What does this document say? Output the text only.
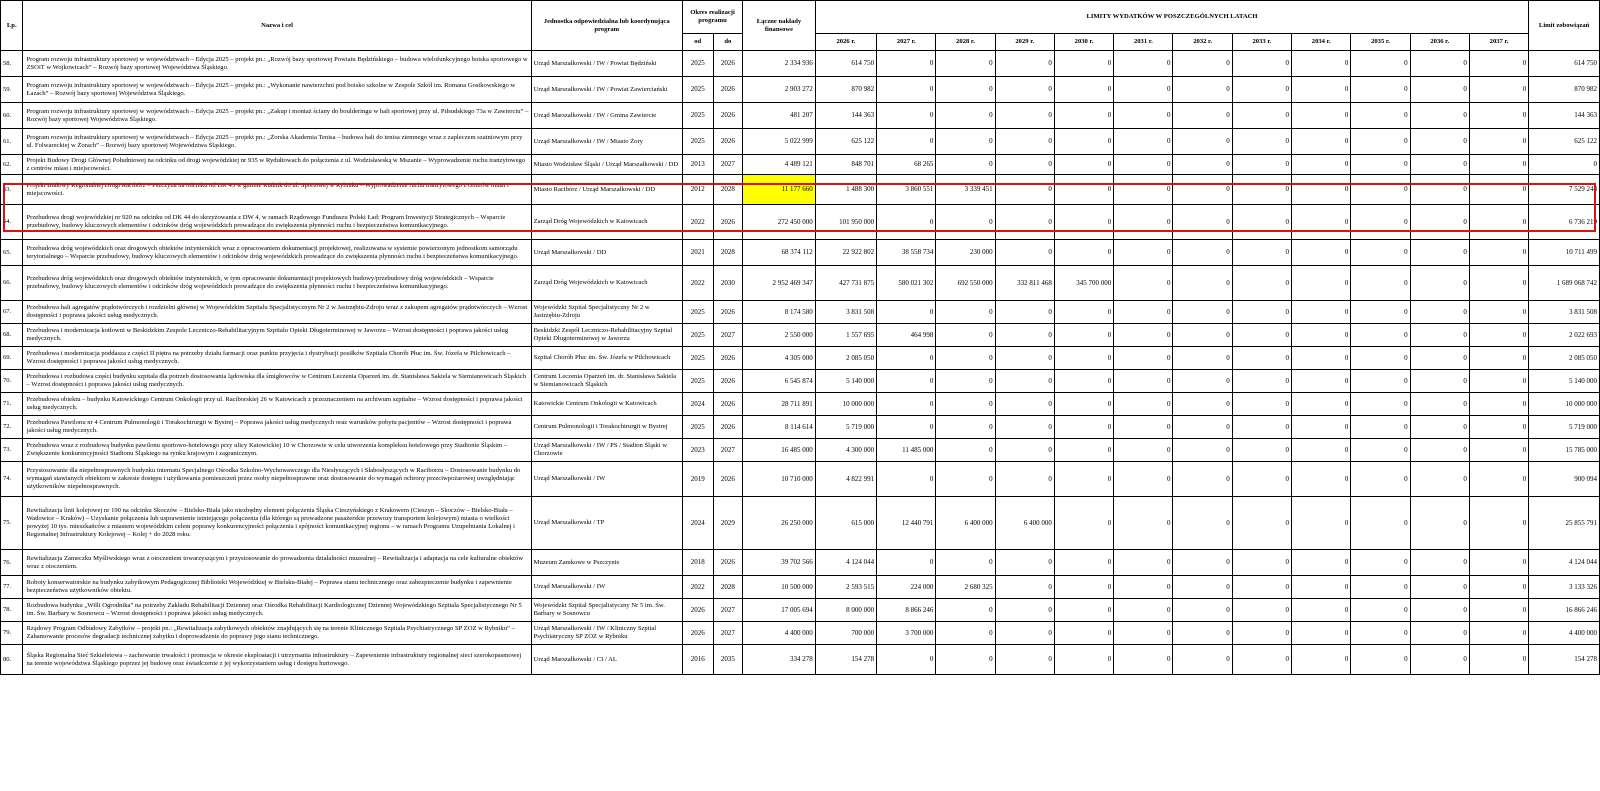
Lp.	Nazwa i cel	Jednostka odpowiedzialna lub koordynująca program	Okres realizacji programu		Łączne nakłady finansowe	LIMITY WYDATKÓW W POSZCZEGÓLNYCH LATACH												Limit zobowiązań
			od	do		2026 r.	2027 r.	2028 r.	2029 r.	2030 r.	2031 r.	2032 r.	2033 r.	2034 r.	2035 r.	2036 r.	2037 r.	
58.	Program rozwoju infrastruktury sportowej w województwach – Edycja 2025 – projekt pn.: „Rozwój bazy sportowej Powiatu Będzińskiego – budowa wielofunkcyjnego boiska sportowego w ZSOiT w Wojkowicach” – Rozwój bazy sportowej Województwa Śląskiego.	Urząd Marszałkowski / IW / Powiat Będziński	2025	2026	2 334 936	614 750	0	0	0	0	0	0	0	0	0	0	0	614 750
59.	Program rozwoju infrastruktury sportowej w województwach – Edycja 2025 – projekt pn.: „Wykonanie nawierzchni pod boisko szkolne w Zespole Szkół im. Romana Gostkowskiego w Łazach” – Rozwój bazy sportowej Województwa Śląskiego.	Urząd Marszałkowski / IW / Powiat Zawierciański	2025	2026	2 903 272	870 982	0	0	0	0	0	0	0	0	0	0	0	870 982
60.	Program rozwoju infrastruktury sportowej w województwach – Edycja 2025 – projekt pn.: „Zakup i montaż ściany do boulderingu w hali sportowej przy ul. Piłsudskiego 73a w Zawierciu” – Rozwój bazy sportowej Województwa Śląskiego.	Urząd Marszałkowski / IW / Gmina Zawiercie	2025	2026	481 207	144 363	0	0	0	0	0	0	0	0	0	0	0	144 363
61.	Program rozwoju infrastruktury sportowej w województwach – Edycja 2025 – projekt pn.: „Żorska Akademia Tenisa – budowa hali do tenisa ziemnego wraz z zapleczem szatniowym przy ul. Folwareckiej w Żorach” – Rozwój bazy sportowej Województwa Śląskiego.	Urząd Marszałkowski / IW / Miasto Żory	2025	2026	5 022 999	625 122	0	0	0	0	0	0	0	0	0	0	0	625 122
62.	Projekt Budowy Drogi Głównej Południowej na odcinku od drogi wojewódzkiej nr 935 w Rydułtowach do połączenia z ul. Wodzisławską w Mszanie – Wyprowadzenie ruchu tranzytowego z centrów miast i miejscowości.	Miasto Wodzisław Śląski / Urząd Marszałkowski / DD	2013	2027	4 489 121	848 701	68 265	0	0	0	0	0	0	0	0	0	0	0
63.	Projekt Budowy Regionalnej Drogi Racibórz – Pszczyna na odcinku od DK 45 w gminie Rudnik do ul. Sportowej w Rybniku – Wyprowadzenie ruchu tranzytowego z centrów miast i miejscowości.	Miasto Racibórz / Urząd Marszałkowski / DD	2012	2028	11 177 660	1 488 300	3 860 551	3 339 451	0	0	0	0	0	0	0	0	0	7 529 248
64.	Przebudowa drogi wojewódzkiej nr 920 na odcinku od DK 44 do skrzyżowania z DW 4, w ramach Rządowego Funduszu Polski Ład: Program Inwestycji Strategicznych – Wsparcie przebudowy, budowy kluczowych elementów i odcinków dróg wojewódzkich prowadzące do zwiększenia płynności ruchu i bezpieczeństwa komunikacyjnego.	Zarząd Dróg Wojewódzkich w Katowicach	2022	2026	272 450 000	101 950 000	0	0	0	0	0	0	0	0	0	0	0	6 736 219
65.	Przebudowa dróg wojewódzkich oraz drogowych obiektów inżynierskich wraz z opracowaniem dokumentacji projektowej, realizowana w systemie powierzonym jednostkom samorządu terytorialnego – Wsparcie przebudowy, budowy kluczowych elementów i odcinków dróg wojewódzkich prowadzące do zwiększenia płynności ruchu i bezpieczeństwa komunikacyjnego.	Urząd Marszałkowski / DD	2021	2028	68 374 112	22 922 802	38 558 734	230 000	0	0	0	0	0	0	0	0	0	10 711 499
66.	Przebudowa dróg wojewódzkich oraz drogowych obiektów inżynierskich, w tym opracowanie dokumentacji projektowych budowy/przebudowy dróg wojewódzkich – Wsparcie przebudowy, budowy kluczowych elementów i odcinków dróg wojewódzkich prowadzące do zwiększenia płynności ruchu i bezpieczeństwa komunikacyjnego.	Zarząd Dróg Wojewódzkich w Katowicach	2022	2030	2 952 469 347	427 731 875	580 021 302	692 550 000	332 811 468	345 700 000	0	0	0	0	0	0	0	1 689 068 742
67.	Przebudowa hali agregatów prądotwórczych i rozdzielni głównej w Wojewódzkim Szpitalu Specjalistycznym Nr 2 w Jastrzębiu-Zdroju wraz z zakupem agregatów prądotwórczych – Wzrost dostępności i poprawa jakości usług medycznych.	Wojewódzki Szpital Specjalistyczny Nr 2 w Jastrzębiu-Zdroju	2025	2026	8 174 580	3 831 508	0	0	0	0	0	0	0	0	0	0	0	3 831 508
68.	Przebudowa i modernizacja kotłowni w Beskidzkim Zespole Leczniczo-Rehabilitacyjnym Szpitalu Opieki Długoterminowej w Jaworzu – Wzrost dostępności i poprawa jakości usług medycznych.	Beskidzki Zespół Leczniczo-Rehabilitacyjny Szpital Opieki Długoterminowej w Jaworzu	2025	2027	2 550 000	1 557 695	464 998	0	0	0	0	0	0	0	0	0	0	2 022 693
69.	Przebudowa i modernizacja poddasza z części II piętra na potrzeby działu farmacji oraz punktu przyjęcia i dystrybucji posiłków Szpitala Chorób Płuc im. Św. Józefa w Pilchowicach – Wzrost dostępności i poprawa jakości usług medycznych.	Szpital Chorób Płuc im. Św. Józefa w Pilchowicach	2025	2026	4 305 000	2 085 050	0	0	0	0	0	0	0	0	0	0	0	2 085 050
70.	Przebudowa i rozbudowa części budynku szpitala dla potrzeb dostosowania lądowiska dla śmigłowców w Centrum Leczenia Oparzeń im. dr. Stanisława Sakiela w Siemianowicach Śląskich – Wzrost dostępności i poprawa jakości usług medycznych.	Centrum Leczenia Oparzeń im. dr. Stanisława Sakiela w Siemianowicach Śląskich	2025	2026	6 545 874	5 140 000	0	0	0	0	0	0	0	0	0	0	0	5 140 000
71.	Przebudowa obiektu – budynku Katowickiego Centrum Onkologii przy ul. Raciborskiej 26 w Katowicach z przeznaczeniem na archiwum szpitalne – Wzrost dostępności i poprawa jakości usług medycznych.	Katowickie Centrum Onkologii w Katowicach	2024	2026	28 711 891	10 000 000	0	0	0	0	0	0	0	0	0	0	0	10 000 000
72.	Przebudowa Pawilonu nr 4 Centrum Pulmonologii i Torakochirurgii w Bystrej – Poprawa jakości usług medycznych oraz warunków pobytu pacjentów – Wzrost dostępności i poprawa jakości usług medycznych.	Centrum Pulmonologii i Torakochirurgii w Bystrej	2025	2026	8 114 614	5 719 000	0	0	0	0	0	0	0	0	0	0	0	5 719 000
73.	Przebudowa wraz z rozbudową budynku pawilonu sportowo-hotelowego przy ulicy Katowickiej 10 w Chorzowie w celu utworzenia kompleksu hotelowego przy Stadionie Śląskim – Zwiększenie konkurencyjności Stadionu Śląskiego na rynku krajowym i zagranicznym.	Urząd Marszałkowski / IW / PS / Stadion Śląski w Chorzowie	2023	2027	16 485 000	4 300 000	11 485 000	0	0	0	0	0	0	0	0	0	0	15 785 000
74.	Przystosowanie dla niepełnosprawnych budynku internatu Specjalnego Ośrodka Szkolno-Wychowawczego dla Niesłyszących i Słabosłyszących w Raciborzu – Dostosowanie budynku do wymagań stawianych obiektom w zakresie dostępu i użytkowania pomieszczeń przez osoby niepełnosprawne oraz dostosowanie do wymagań ochrony przeciwpożarowej uwzględniając użytkowników niepełnosprawnych.	Urząd Marszałkowski / IW	2019	2026	10 710 000	4 822 991	0	0	0	0	0	0	0	0	0	0	0	900 094
75.	Rewitalizacja linii kolejowej nr 190 na odcinku Skoczów – Bielsko-Biała jako niezbędny element połączenia Śląska Cieszyńskiego z Krakowem (Cieszyn – Skoczów – Bielsko-Biała – Wadowice – Kraków) – Uzyskanie połączenia lub usprawnienie istniejącego połączenia (dla którego są prowadzone pasażerskie przewozy transportem kolejowym) miasta o wielkości powyżej 10 tys. mieszkańców z miastem wojewódzkim celem poprawy konkurencyjności połączenia i spójności komunikacyjnej regionu – w ramach Programu Uzupełniania Lokalnej i Regionalnej Infrastruktury Kolejowej – Kolej + do 2028 roku.	Urząd Marszałkowski / TP	2024	2029	26 250 000	615 000	12 440 791	6 400 000	6 400 000	0	0	0	0	0	0	0	0	25 855 791
76.	Rewitalizacja Zameczku Myśliwskiego wraz z otoczeniem towarzyszącym i przystosowanie do prowadzenia działalności muzealnej – Rewitalizacja i adaptacja na cele kulturalne obiektów wraz z otoczeniem.	Muzeum Zamkowe w Pszczynie	2018	2026	39 702 566	4 124 044	0	0	0	0	0	0	0	0	0	0	0	4 124 044
77.	Roboty konserwatorskie na budynku zabytkowym Pedagogicznej Biblioteki Wojewódzkiej w Bielsku-Białej – Poprawa stanu technicznego oraz zabezpieczenie budynku i zapewnienie bezpieczeństwa użytkowników obiektu.	Urząd Marszałkowski / IW	2022	2028	10 500 000	2 593 515	224 000	2 680 325	0	0	0	0	0	0	0	0	0	3 133 326
78.	Rozbudowa budynku „Willi Ogrodnika” na potrzeby Zakładu Rehabilitacji Dziennej oraz Ośrodka Rehabilitacji Kardiologicznej Dziennej Wojewódzkiego Szpitala Specjalistycznego Nr 5 im. Św. Barbary w Sosnowcu – Wzrost dostępności i poprawa jakości usług medycznych.	Wojewódzki Szpital Specjalistyczny Nr 5 im. Św. Barbary w Sosnowcu	2026	2027	17 005 694	8 000 000	8 866 246	0	0	0	0	0	0	0	0	0	0	16 866 246
79.	Rządowy Program Odbudowy Zabytków – projekt pn.: „Rewitalizacja zabytkowych obiektów znajdujących się na terenie Klinicznego Szpitala Psychiatrycznego SP ZOZ w Rybniku” – Zahamowanie procesów degradacji technicznej zabytku i doprowadzenie do poprawy jego stanu technicznego.	Urząd Marszałkowski / IW / Kliniczny Szpital Psychiatryczny SP ZOZ w Rybniku	2026	2027	4 400 000	700 000	3 700 000	0	0	0	0	0	0	0	0	0	0	4 400 000
80.	Śląska Regionalna Sieć Szkieletowa – zachowanie trwałości i promocja w okresie eksploatacji i utrzymania infrastruktury – Zapewnienie infrastruktury regionalnej sieci szerokopasmowej na terenie województwa Śląskiego poprzez jej budowę oraz świadczenie z jej wykorzystaniem usług i dostępu hurtowego.	Urząd Marszałkowski / CI / AL	2016	2035	334 278	154 278	0	0	0	0	0	0	0	0	0	0	0	154 278
